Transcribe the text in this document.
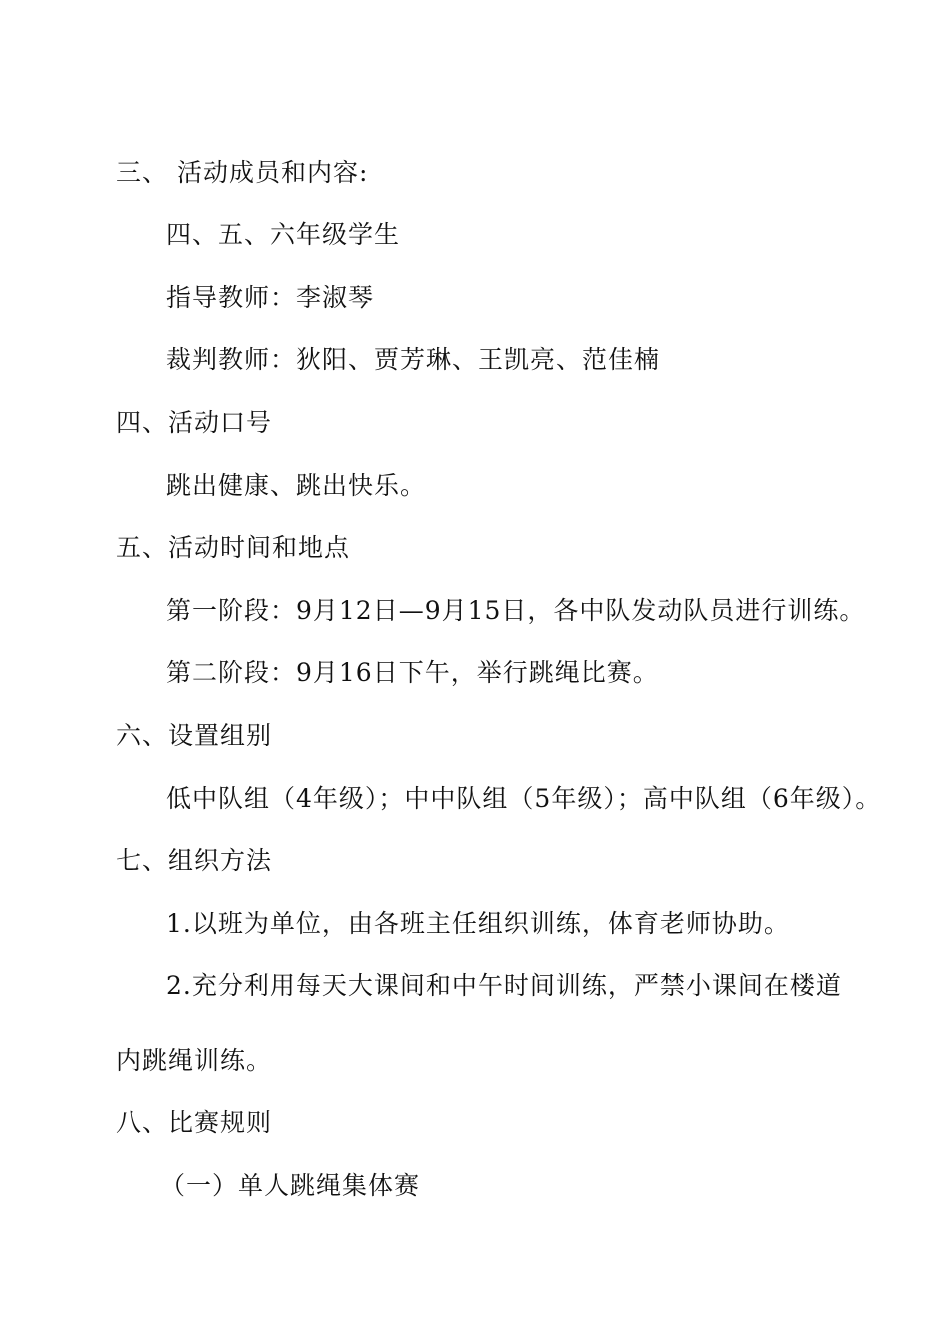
三、 活动成员和内容:
四、五、六年级学生
指导教师：李淑琴
裁判教师：狄阳、贾芳琳、王凯亮、范佳楠
四、活动口号
跳出健康、跳出快乐。
五、活动时间和地点
第一阶段：9月12日—9月15日，各中队发动队员进行训练。
第二阶段：9月16日下午，举行跳绳比赛。
六、设置组别
低中队组（4年级）；中中队组（5年级）；高中队组（6年级）。
七、组织方法
1.以班为单位，由各班主任组织训练，体育老师协助。
2.充分利用每天大课间和中午时间训练，严禁小课间在楼道
内跳绳训练。
八、比赛规则
（一）单人跳绳集体赛
